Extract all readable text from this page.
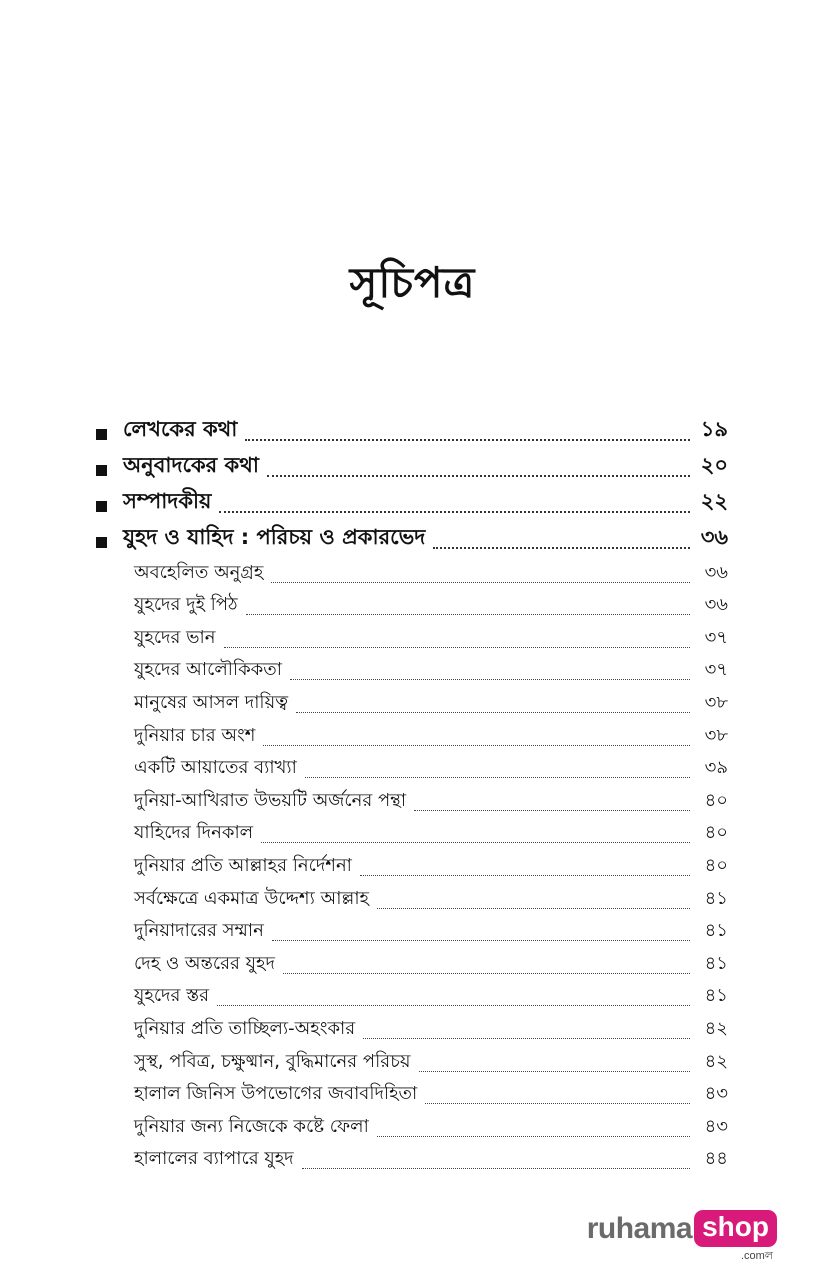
সূচিপত্র
লেখকের কথা	১৯
অনুবাদকের কথা	২০
সম্পাদকীয়	২২
যুহদ ও যাহিদ : পরিচয় ও প্রকারভেদ	৩৬
অবহেলিত অনুগ্রহ	৩৬
যুহদের দুই পিঠ	৩৬
যুহদের ভান	৩৭
যুহদের আলৌকিকতা	৩৭
মানুষের আসল দায়িত্ব	৩৮
দুনিয়ার চার অংশ	৩৮
একটি আয়াতের ব্যাখ্যা	৩৯
দুনিয়া-আখিরাত উভয়টি অর্জনের পন্থা	৪০
যাহিদের দিনকাল	৪০
দুনিয়ার প্রতি আল্লাহর নির্দেশনা	৪০
সর্বক্ষেত্রে একমাত্র উদ্দেশ্য আল্লাহ	৪১
দুনিয়াদারের সম্মান	৪১
দেহ ও অন্তরের যুহদ	৪১
যুহদের স্তর	৪১
দুনিয়ার প্রতি তাচ্ছিল্য-অহংকার	৪২
সুস্থ, পবিত্র, চক্ষুষ্মান, বুদ্ধিমানের পরিচয়	৪২
হালাল জিনিস উপভোগের জবাবদিহিতা	৪৩
দুনিয়ার জন্য নিজেকে কষ্টে ফেলা	৪৩
হালালের ব্যাপারে যুহদ	৪৪
ruhama shop
.comল
